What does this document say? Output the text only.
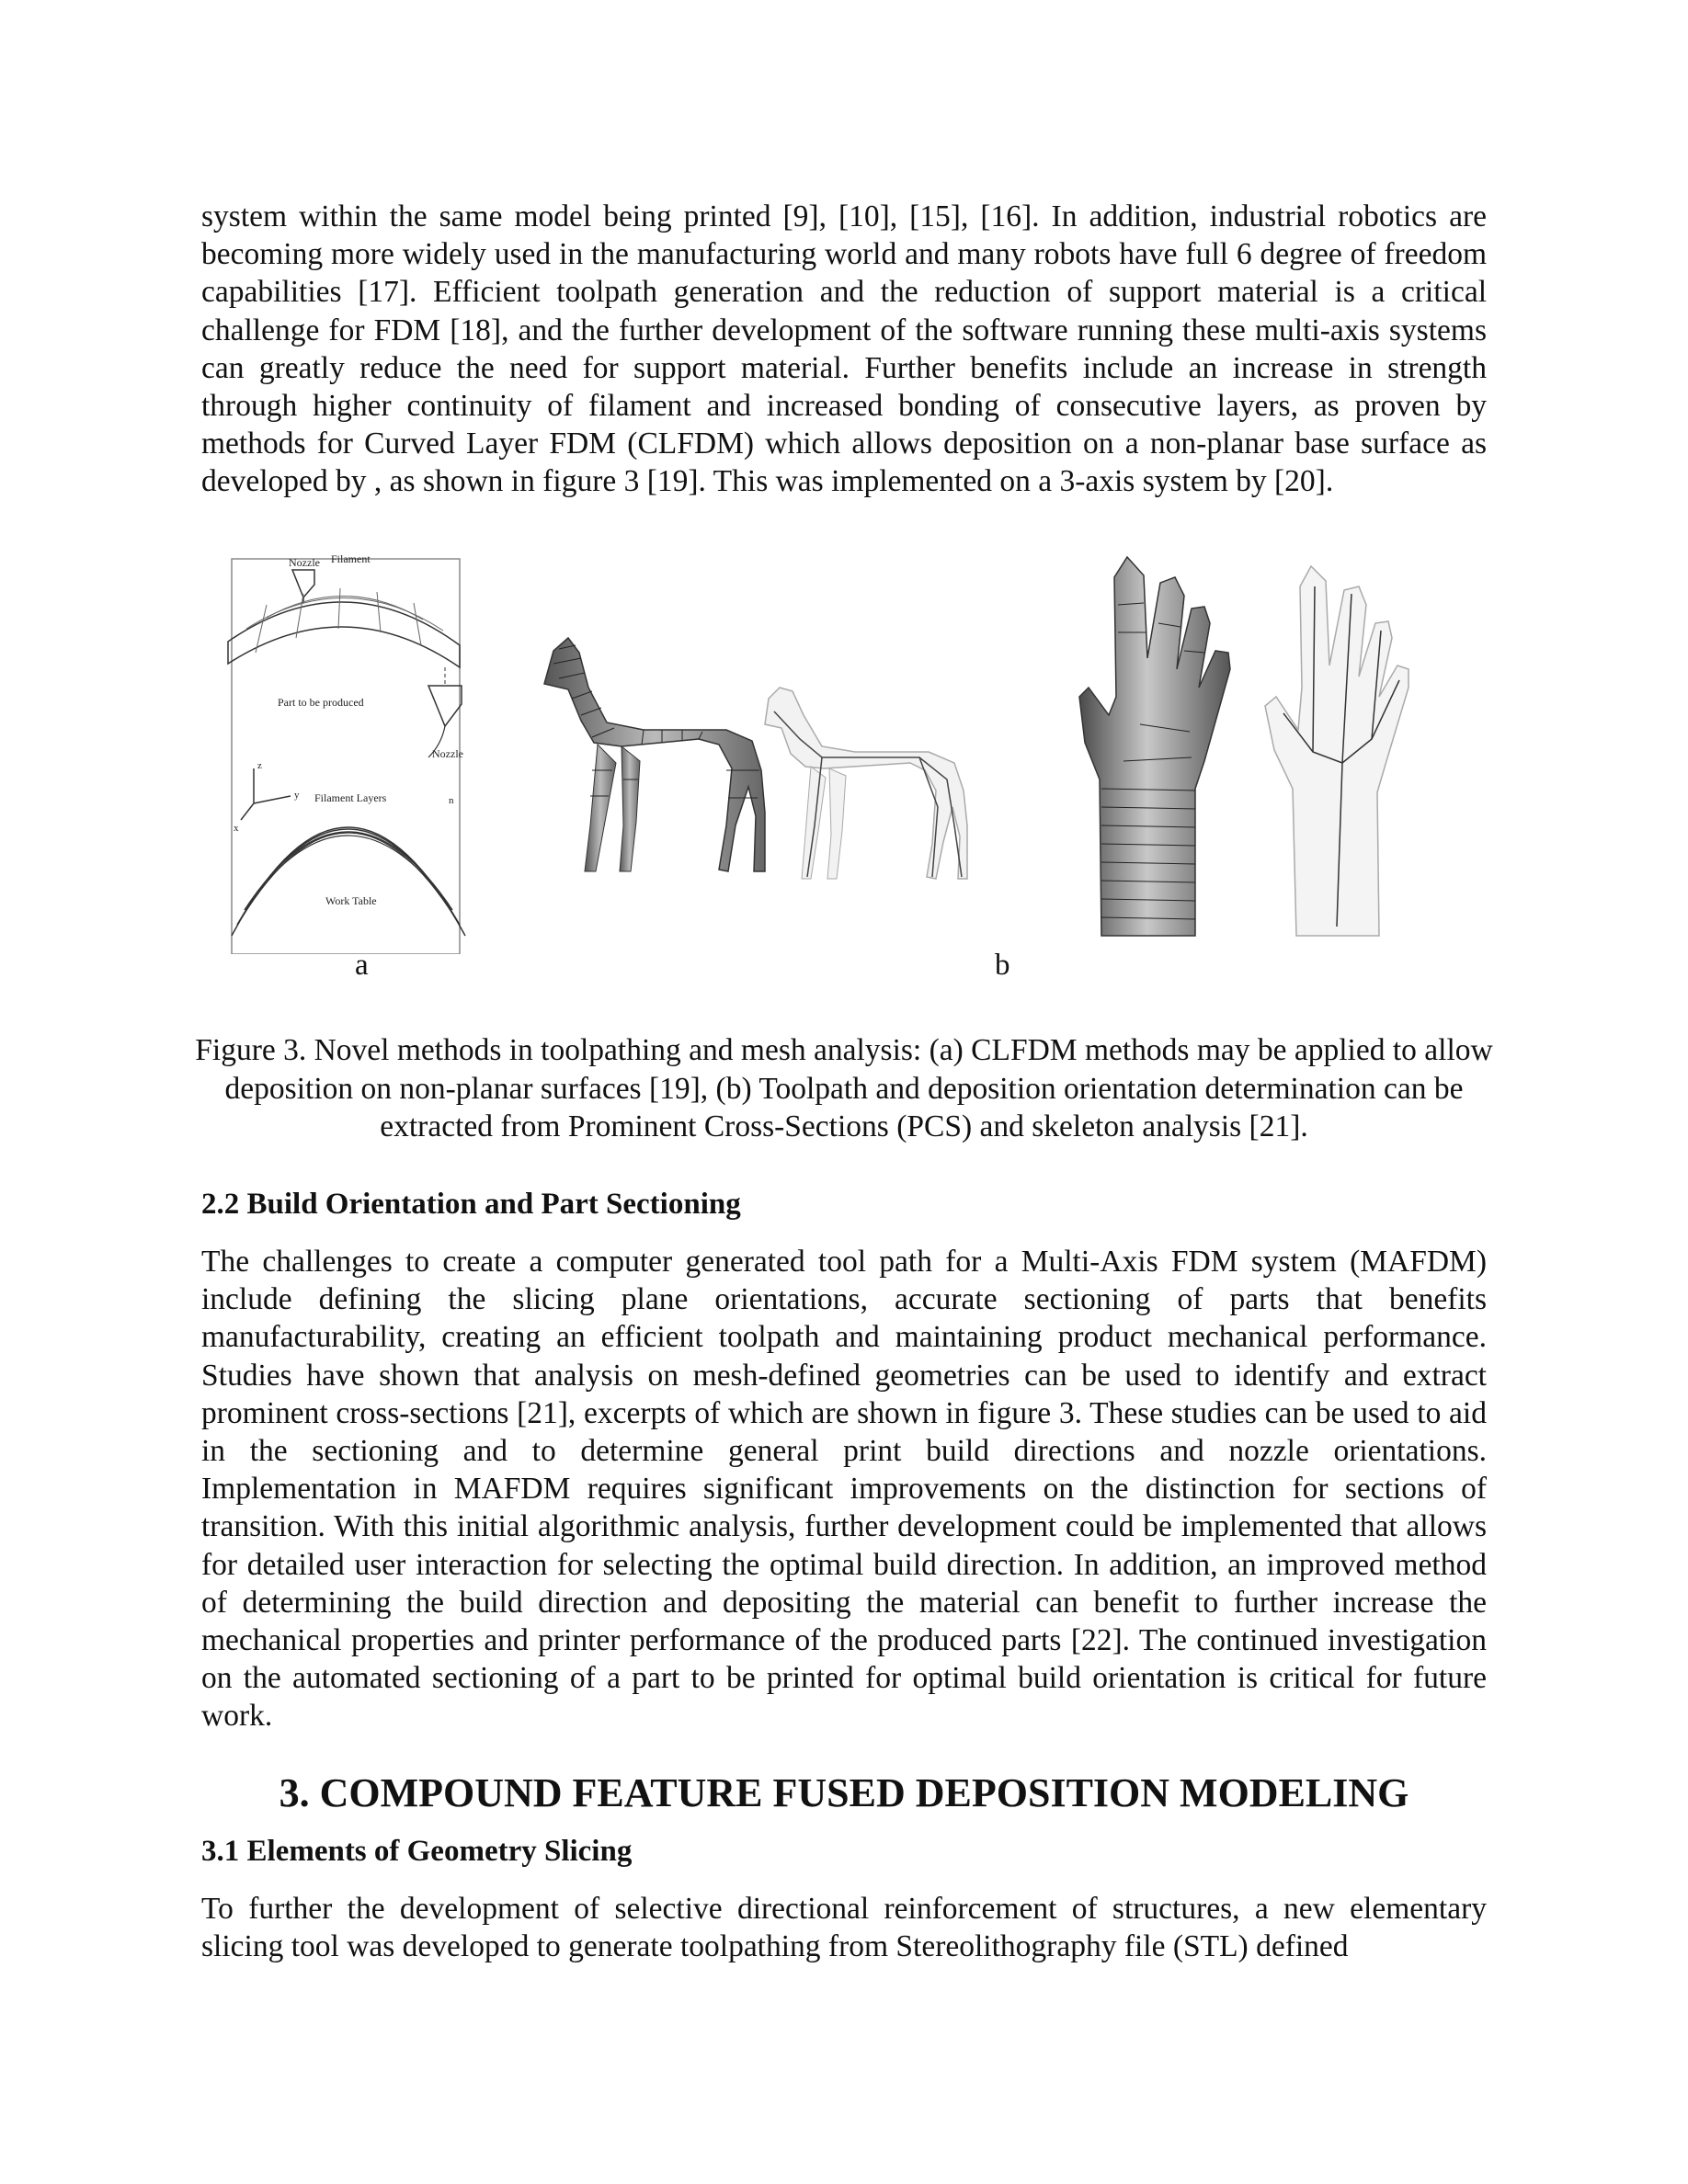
system within the same model being printed [9], [10], [15], [16]. In addition, industrial robotics are becoming more widely used in the manufacturing world and many robots have full 6 degree of freedom capabilities [17]. Efficient toolpath generation and the reduction of support material is a critical challenge for FDM [18], and the further development of the software running these multi-axis systems can greatly reduce the need for support material. Further benefits include an increase in strength through higher continuity of filament and increased bonding of consecutive layers, as proven by methods for Curved Layer FDM (CLFDM) which allows deposition on a non-planar base surface as developed by , as shown in figure 3 [19]. This was implemented on a 3-axis system by [20].

Nozzle Filament
Part to be produced
Nozzle
Filament Layers
Work Table
z
y
x
n
a	b

Figure 3. Novel methods in toolpathing and mesh analysis: (a) CLFDM methods may be applied to allow deposition on non-planar surfaces [19], (b) Toolpath and deposition orientation determination can be extracted from Prominent Cross-Sections (PCS) and skeleton analysis [21].

2.2 Build Orientation and Part Sectioning

The challenges to create a computer generated tool path for a Multi-Axis FDM system (MAFDM) include defining the slicing plane orientations, accurate sectioning of parts that benefits manufacturability, creating an efficient toolpath and maintaining product mechanical performance. Studies have shown that analysis on mesh-defined geometries can be used to identify and extract prominent cross-sections [21], excerpts of which are shown in figure 3. These studies can be used to aid in the sectioning and to determine general print build directions and nozzle orientations. Implementation in MAFDM requires significant improvements on the distinction for sections of transition. With this initial algorithmic analysis, further development could be implemented that allows for detailed user interaction for selecting the optimal build direction. In addition, an improved method of determining the build direction and depositing the material can benefit to further increase the mechanical properties and printer performance of the produced parts [22]. The continued investigation on the automated sectioning of a part to be printed for optimal build orientation is critical for future work.

3. COMPOUND FEATURE FUSED DEPOSITION MODELING
3.1 Elements of Geometry Slicing

To further the development of selective directional reinforcement of structures, a new elementary slicing tool was developed to generate toolpathing from Stereolithography file (STL) defined
